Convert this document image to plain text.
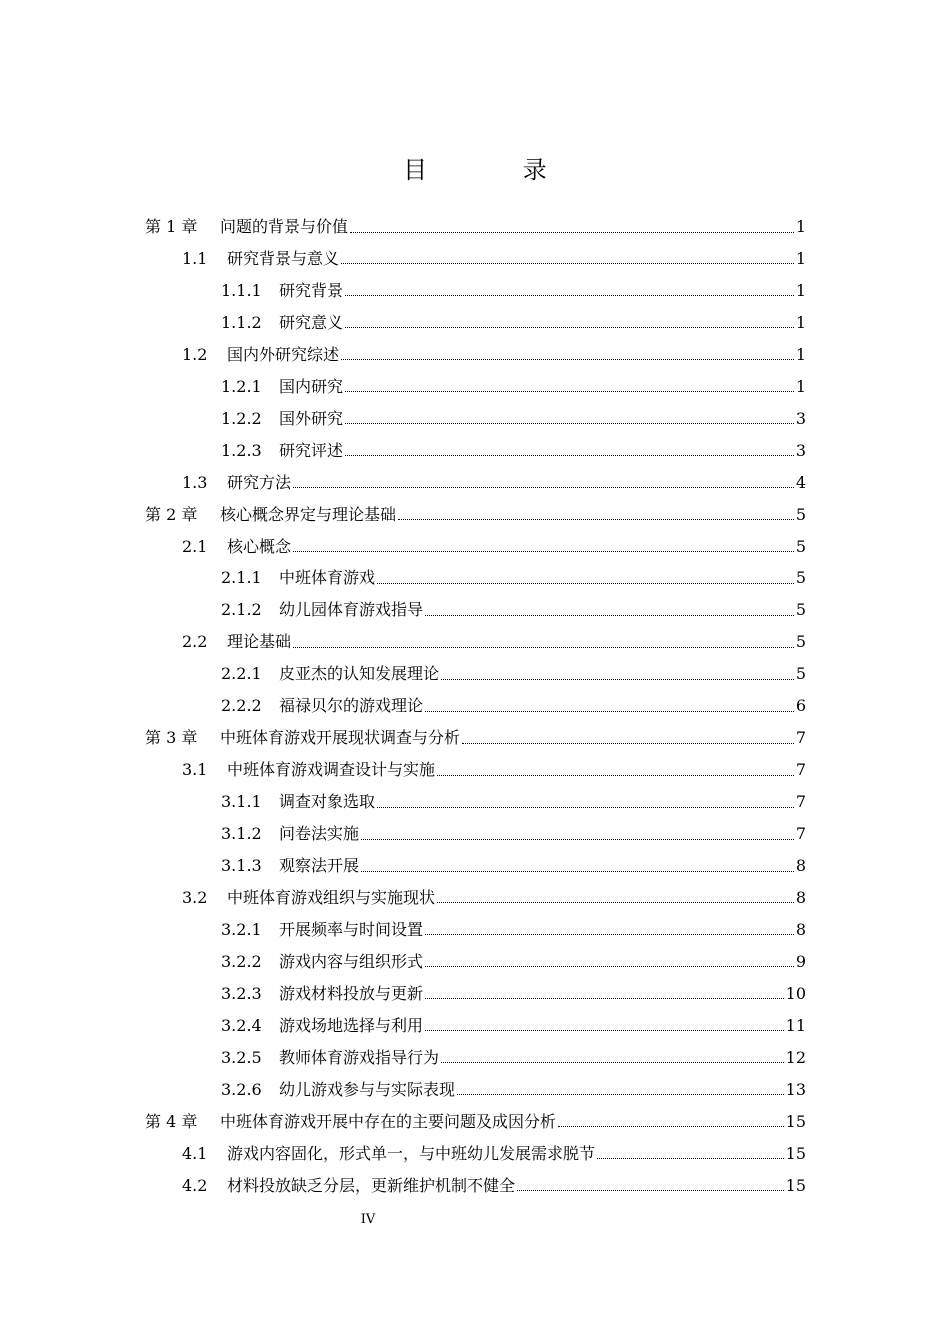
目 录
第 1 章	问题的背景与价值	1
1.1	研究背景与意义	1
1.1.1	研究背景	1
1.1.2	研究意义	1
1.2	国内外研究综述	1
1.2.1	国内研究	1
1.2.2	国外研究	3
1.2.3	研究评述	3
1.3	研究方法	4
第 2 章	核心概念界定与理论基础	5
2.1	核心概念	5
2.1.1	中班体育游戏	5
2.1.2	幼儿园体育游戏指导	5
2.2	理论基础	5
2.2.1	皮亚杰的认知发展理论	5
2.2.2	福禄贝尔的游戏理论	6
第 3 章	中班体育游戏开展现状调查与分析	7
3.1	中班体育游戏调查设计与实施	7
3.1.1	调查对象选取	7
3.1.2	问卷法实施	7
3.1.3	观察法开展	8
3.2	中班体育游戏组织与实施现状	8
3.2.1	开展频率与时间设置	8
3.2.2	游戏内容与组织形式	9
3.2.3	游戏材料投放与更新	10
3.2.4	游戏场地选择与利用	11
3.2.5	教师体育游戏指导行为	12
3.2.6	幼儿游戏参与与实际表现	13
第 4 章	中班体育游戏开展中存在的主要问题及成因分析	15
4.1	游戏内容固化，形式单一，与中班幼儿发展需求脱节	15
4.2	材料投放缺乏分层，更新维护机制不健全	15
IV
